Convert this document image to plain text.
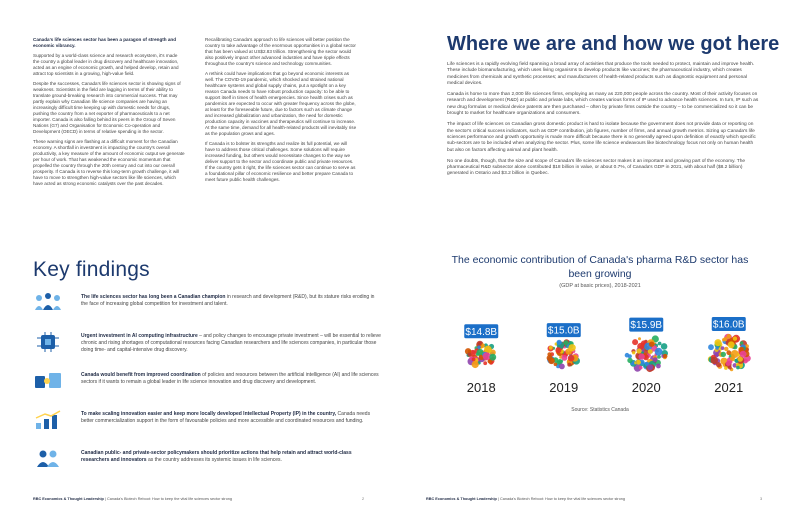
Canada's life sciences sector has been a paragon of strength and economic vibrancy.

Supported by a world-class science and research ecosystem, it's made the country a global leader in drug discovery and healthcare innovation, acted as an engine of economic growth, and helped develop, retain and attract top scientists in a growing, high-value field.

Despite the successes, Canada's life sciences sector is showing signs of weakness. Scientists in the field are lagging in terms of their ability to translate ground-breaking research into commercial success. That may partly explain why Canadian life science companies are having an increasingly difficult time keeping up with domestic needs for drugs, pushing the country from a net exporter of pharmaceuticals to a net importer. Canada is also falling behind its peers in the Group of Seven Nations (G7) and Organisation for Economic Co-operation and Development (OECD) in terms of relative spending in the sector.

These warning signs are flashing at a difficult moment for the Canadian economy. A shortfall in investment is impacting the country's overall productivity, a key measure of the amount of economic output we generate per hour of work. That has weakened the economic momentum that propelled the country through the 20th century and cut into our overall prosperity. If Canada is to reverse this long-term growth challenge, it will have to move to strengthen high-value sectors like life sciences, which have acted as strong economic catalysts over the past decades.

Recalibrating Canada's approach to life sciences will better position the country to take advantage of the enormous opportunities in a global sector that has been valued at US$2.83 trillion. Strengthening the sector would also positively impact other advanced industries and have ripple effects throughout the country's science and technology communities.

A rethink could have implications that go beyond economic interests as well. The COVID-19 pandemic, which shocked and strained national healthcare systems and global supply chains, put a spotlight on a key reason Canada needs to have robust production capacity: to be able to support itself in times of health emergencies. Since health crises such as pandemics are expected to occur with greater frequency across the globe, at least for the foreseeable future, due to factors such as climate change and increased globalization and urbanization, the need for domestic production capacity in vaccines and therapeutics will continue to increase. At the same time, demand for all health-related products will inevitably rise as the population grows and ages.

If Canada is to bolster its strengths and realize its full potential, we will have to address those critical challenges. Some solutions will require increased funding, but others would necessitate changes to the way we deliver support to the sector and coordinate public and private resources. If the country gets it right, the life sciences sector can continue to serve as a foundational pillar of economic resilience and better prepare Canada to meet future public health challenges.

Key findings

The life sciences sector has long been a Canadian champion in research and development (R&D), but its stature risks eroding in the face of increasing global competition for investment and talent.

Urgent investment in AI computing infrastructure – and policy changes to encourage private investment – will be essential to relieve chronic and rising shortages of computational resources facing Canadian researchers and life sciences companies, in particular those doing time- and capital-intensive drug discovery.

Canada would benefit from improved coordination of policies and resources between the artificial intelligence (AI) and life sciences sectors if it wants to remain a global leader in life science innovation and drug discovery and development.

To make scaling innovation easier and keep more locally developed Intellectual Property (IP) in the country, Canada needs better commercialization support in the form of favourable policies and more accessible and coordinated resources and funding.

Canadian public- and private-sector policymakers should prioritize actions that help retain and attract world-class researchers and innovators as the country addresses its systemic issues in life sciences.

RBC Economics & Thought Leadership | Canada's Biotech Reboot: How to keep the vital life sciences sector strong	2
Where we are and how we got here

Life sciences is a rapidly evolving field spanning a broad array of activities that produce the tools needed to protect, maintain and improve health. These include biomanufacturing, which uses living organisms to develop products like vaccines; the pharmaceutical industry, which creates medicines from chemicals and synthetic processes; and manufacturers of health-related products such as diagnostic equipment and personal medical devices.

Canada is home to more than 2,000 life sciences firms, employing as many as 220,000 people across the country. Most of their activity focuses on research and development (R&D) at public and private labs, which creates various forms of IP used to advance health sciences. In turn, IP such as new drug formulas or medical device patents are then purchased – often by private firms outside the country – to be commercialized so it can be brought to market for healthcare organizations and consumers.

The impact of life sciences on Canadian gross domestic product is hard to isolate because the government does not provide data or reporting on the sector's critical success indicators, such as GDP contribution, job figures, number of firms, and annual growth metrics. Sizing up Canada's life sciences performance and growth opportunity is made more difficult because there is no generally agreed upon definition of exactly which specific sub-sectors are to be included when analyzing the sector. Plus, some life science endeavours like biotechnology focus not only on human health but also on factors affecting animal and plant health.

No one doubts, though, that the size and scope of Canada's life sciences sector makes it an important and growing part of the economy. The pharmaceutical R&D subsector alone contributed $18 billion in value, or about 0.7%, of Canada's GDP in 2021, with about half ($8.2 billion) generated in Ontario and $3.2 billion in Quebec.

The economic contribution of Canada's pharma R&D sector has been growing
(GDP at basic prices), 2018-2021
$14.8B
2018
$15.0B
2019
$15.9B
2020
$16.0B
2021
Source: Statistics Canada
RBC Economics & Thought Leadership | Canada's Biotech Reboot: How to keep the vital life sciences sector strong	3
